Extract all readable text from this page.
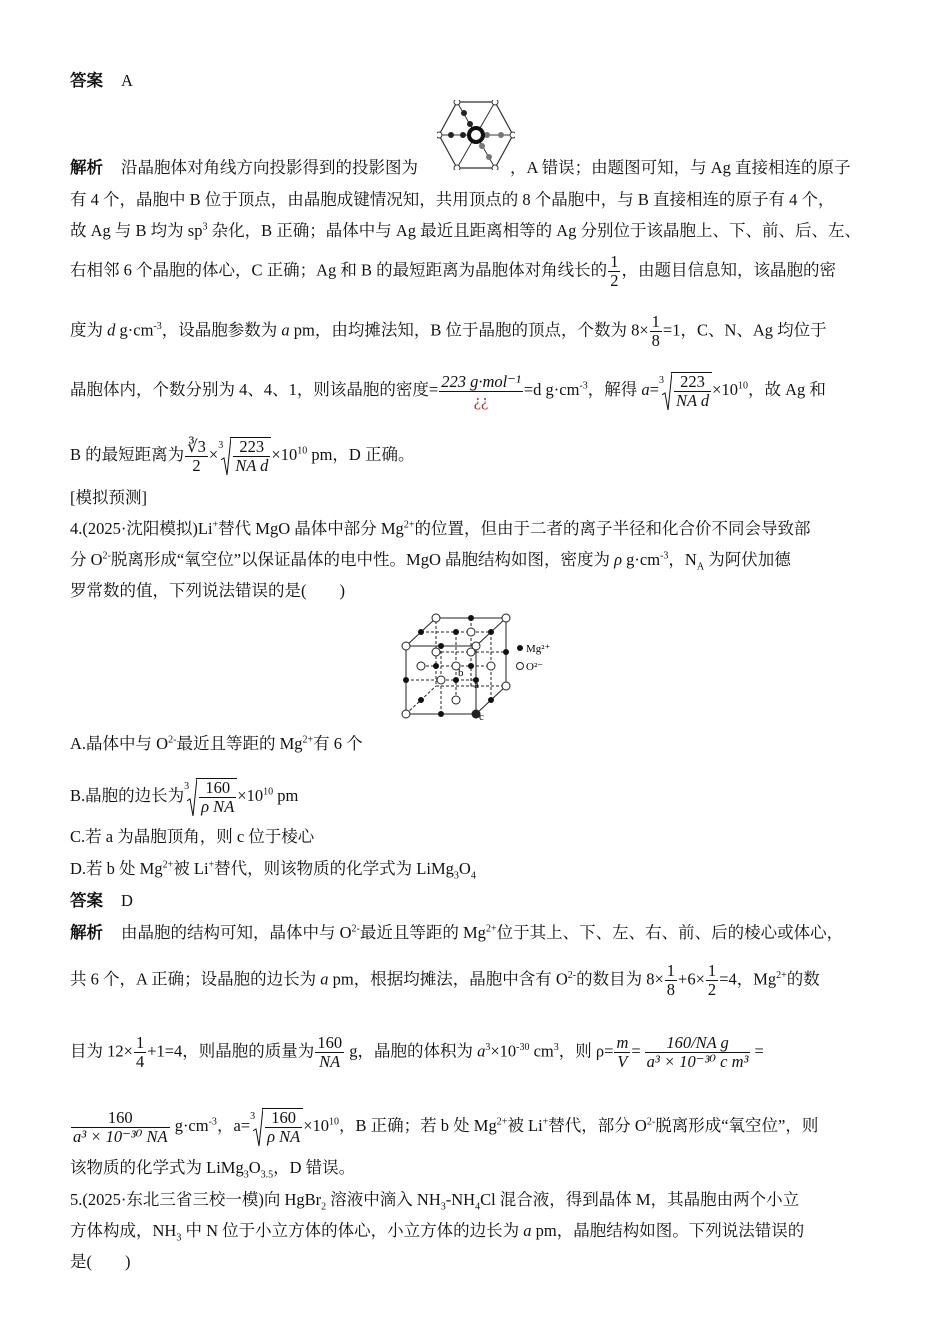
答案 A
解析 沿晶胞体对角线方向投影得到的投影图为	，A 错误；由题图可知，与 Ag 直接相连的原子
有 4 个，晶胞中 B 位于顶点，由晶胞成键情况知，共用顶点的 8 个晶胞中，与 B 直接相连的原子有 4 个，
故 Ag 与 B 均为 $sp^3$ 杂化，B 正确；晶体中与 Ag 最近且距离相等的 Ag 分别位于该晶胞上、下、前、后、左、
右相邻 6 个晶胞的体心，C 正确；Ag 和 B 的最短距离为晶胞体对角线长的 $\frac{1}{2}$ ，由题目信息知，该晶胞的密
度为 d $g\cdot cm^{-3}$，设晶胞参数为 a pm，由均摊法知，B 位于晶胞的顶点，个数为 $8\times \frac{1}{8} =1$，C、N、Ag 均位于
晶胞体内，个数分别为 4、4、1，则该晶胞的密度= $\frac{\text{223 g·mol⁻¹}}{¿¿} =d$ $g\cdot cm^{-3}$，解得 $a= 3 \frac{223}{\text{NA d}} \times 10^{10}$，故 Ag 和
B 的最短距离为 $\frac{∛3}{2} \times 3 \frac{223}{\text{NA d}} \times 10^{10}$ pm，D 正确。
[模拟预测]
4.(2025·沈阳模拟)Li+替代 MgO 晶体中部分 $Mg^{2+}$的位置，但由于二者的离子半径和化合价不同会导致部
分 $O^{2-}$脱离形成“氧空位”以保证晶体的电中性。MgO 晶胞结构如图，密度为 ρ $g\cdot cm^{-3}$，$N_A$ 为阿伏加德
罗常数的值，下列说法错误的是(　　)
b
a
c
Mg²⁺
O²⁻
A.晶体中与 $O^{2-}$最近且等距的 $Mg^{2+}$有 6 个
B.晶胞的边长为 $3 \frac{160}{\text{ρ NA}} \times 10^{10}$ pm
C.若 a 为晶胞顶角，则 c 位于棱心
D.若 b 处 $Mg^{2+}$被 Li+替代，则该物质的化学式为 $LiMg_3O_4$
答案 D
解析 由晶胞的结构可知，晶体中与 $O^{2-}$最近且等距的 $Mg^{2+}$位于其上、下、左、右、前、后的棱心或体心，
共 6 个，A 正确；设晶胞的边长为 a pm，根据均摊法，晶胞中含有 $O^{2-}$的数目为 $8\times \frac{1}{8} +6\times \frac{1}{2} =4$，$Mg^{2+}$的数
目为 $12\times \frac{1}{4} +1=4$，则晶胞的质量为 $\frac{160}{NA}$ g，晶胞的体积为 $a^3\times 10^{-30}$ $cm^3$，则 $\rho= \frac{m}{V} = \frac{\text{160/NA g}}{\text{a³ × 10⁻³⁰ c m³}}$ =
$\frac{160}{\text{a³ × 10⁻³⁰ NA}} g\cdot cm^{-3}$，$a= 3 \frac{160}{\text{ρ NA}} \times 10^{10}$，B 正确；若 b 处 $Mg^{2+}$被 Li+替代，部分 $O^{2-}$脱离形成“氧空位”，则
该物质的化学式为 $LiMg_3O_{3.5}$，D 错误。
5.(2025·东北三省三校一模)向 HgBr$_2$ 溶液中滴入 $NH_3-NH_4Cl$ 混合液，得到晶体 M，其晶胞由两个小立
方体构成，$NH_3$ 中 N 位于小立方体的体心，小立方体的边长为 a pm，晶胞结构如图。下列说法错误的
是(　　)
